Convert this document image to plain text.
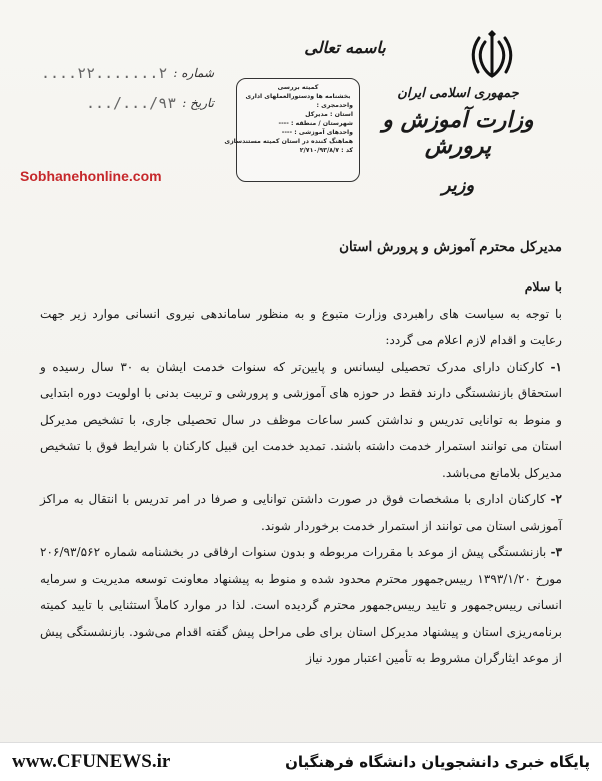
جمهوری اسلامی ایران
وزارت آموزش و پرورش
وزیر
باسمه تعالی
شماره :
۲.......۲۲....
تاریخ :
۹۳/.../...
کمیته بررسی
بخشنامه ها ودستورالعملهای اداری
واحدمجری :
استان : مدیرکل
شهرستان / منطقه : ----
واحدهای آموزشی : ----
هماهنگ کننده در استان کمیته مستندسازی
کد : ۲/۷۱۰/۹۳/۸/۷
Sobhanehonline.com
مدیرکل محترم آموزش و پرورش استان
با سلام
با توجه به سیاست های راهبردی وزارت متبوع و به منظور ساماندهی نیروی انسانی موارد زیر جهت رعایت و اقدام لازم اعلام می گردد:
۱- کارکنان دارای مدرک تحصیلی لیسانس و پایین‌تر که سنوات خدمت ایشان به ۳۰ سال رسیده و استحقاق بازنشستگی دارند فقط در حوزه های آموزشی و پرورشی و تربیت بدنی با اولویت دوره ابتدایی و منوط به توانایی تدریس و نداشتن کسر ساعات موظف در سال تحصیلی جاری، با تشخیص مدیرکل استان می توانند استمرار خدمت داشته باشند. تمدید خدمت این قبیل کارکنان با شرایط فوق با تشخیص مدیرکل بلامانع می‌باشد.
۲- کارکنان اداری با مشخصات فوق در صورت داشتن توانایی و صرفا در امر تدریس با انتقال به مراکز آموزشی استان می توانند از استمرار خدمت برخوردار شوند.
۳- بازنشستگی پیش از موعد با مقررات مربوطه و بدون سنوات ارفاقی در بخشنامه شماره ۲۰۶/۹۳/۵۶۲ مورخ ۱۳۹۳/۱/۲۰ ریيس‌جمهور محترم محدود شده و منوط به پیشنهاد معاونت توسعه مدیریت و سرمایه انسانی ریيس‌جمهور و تایید ریيس‌جمهور محترم گردیده است. لذا در موارد کاملاً استثنایی با تایید کمیته برنامه‌ریزی استان و پیشنهاد مدیرکل استان برای طی مراحل پیش گفته اقدام می‌شود. بازنشستگی پیش از موعد ایثارگران مشروط به تأمین اعتبار مورد نیاز
www.CFUNEWS.ir	پایگاه خبری دانشجویان دانشگاه فرهنگیان
